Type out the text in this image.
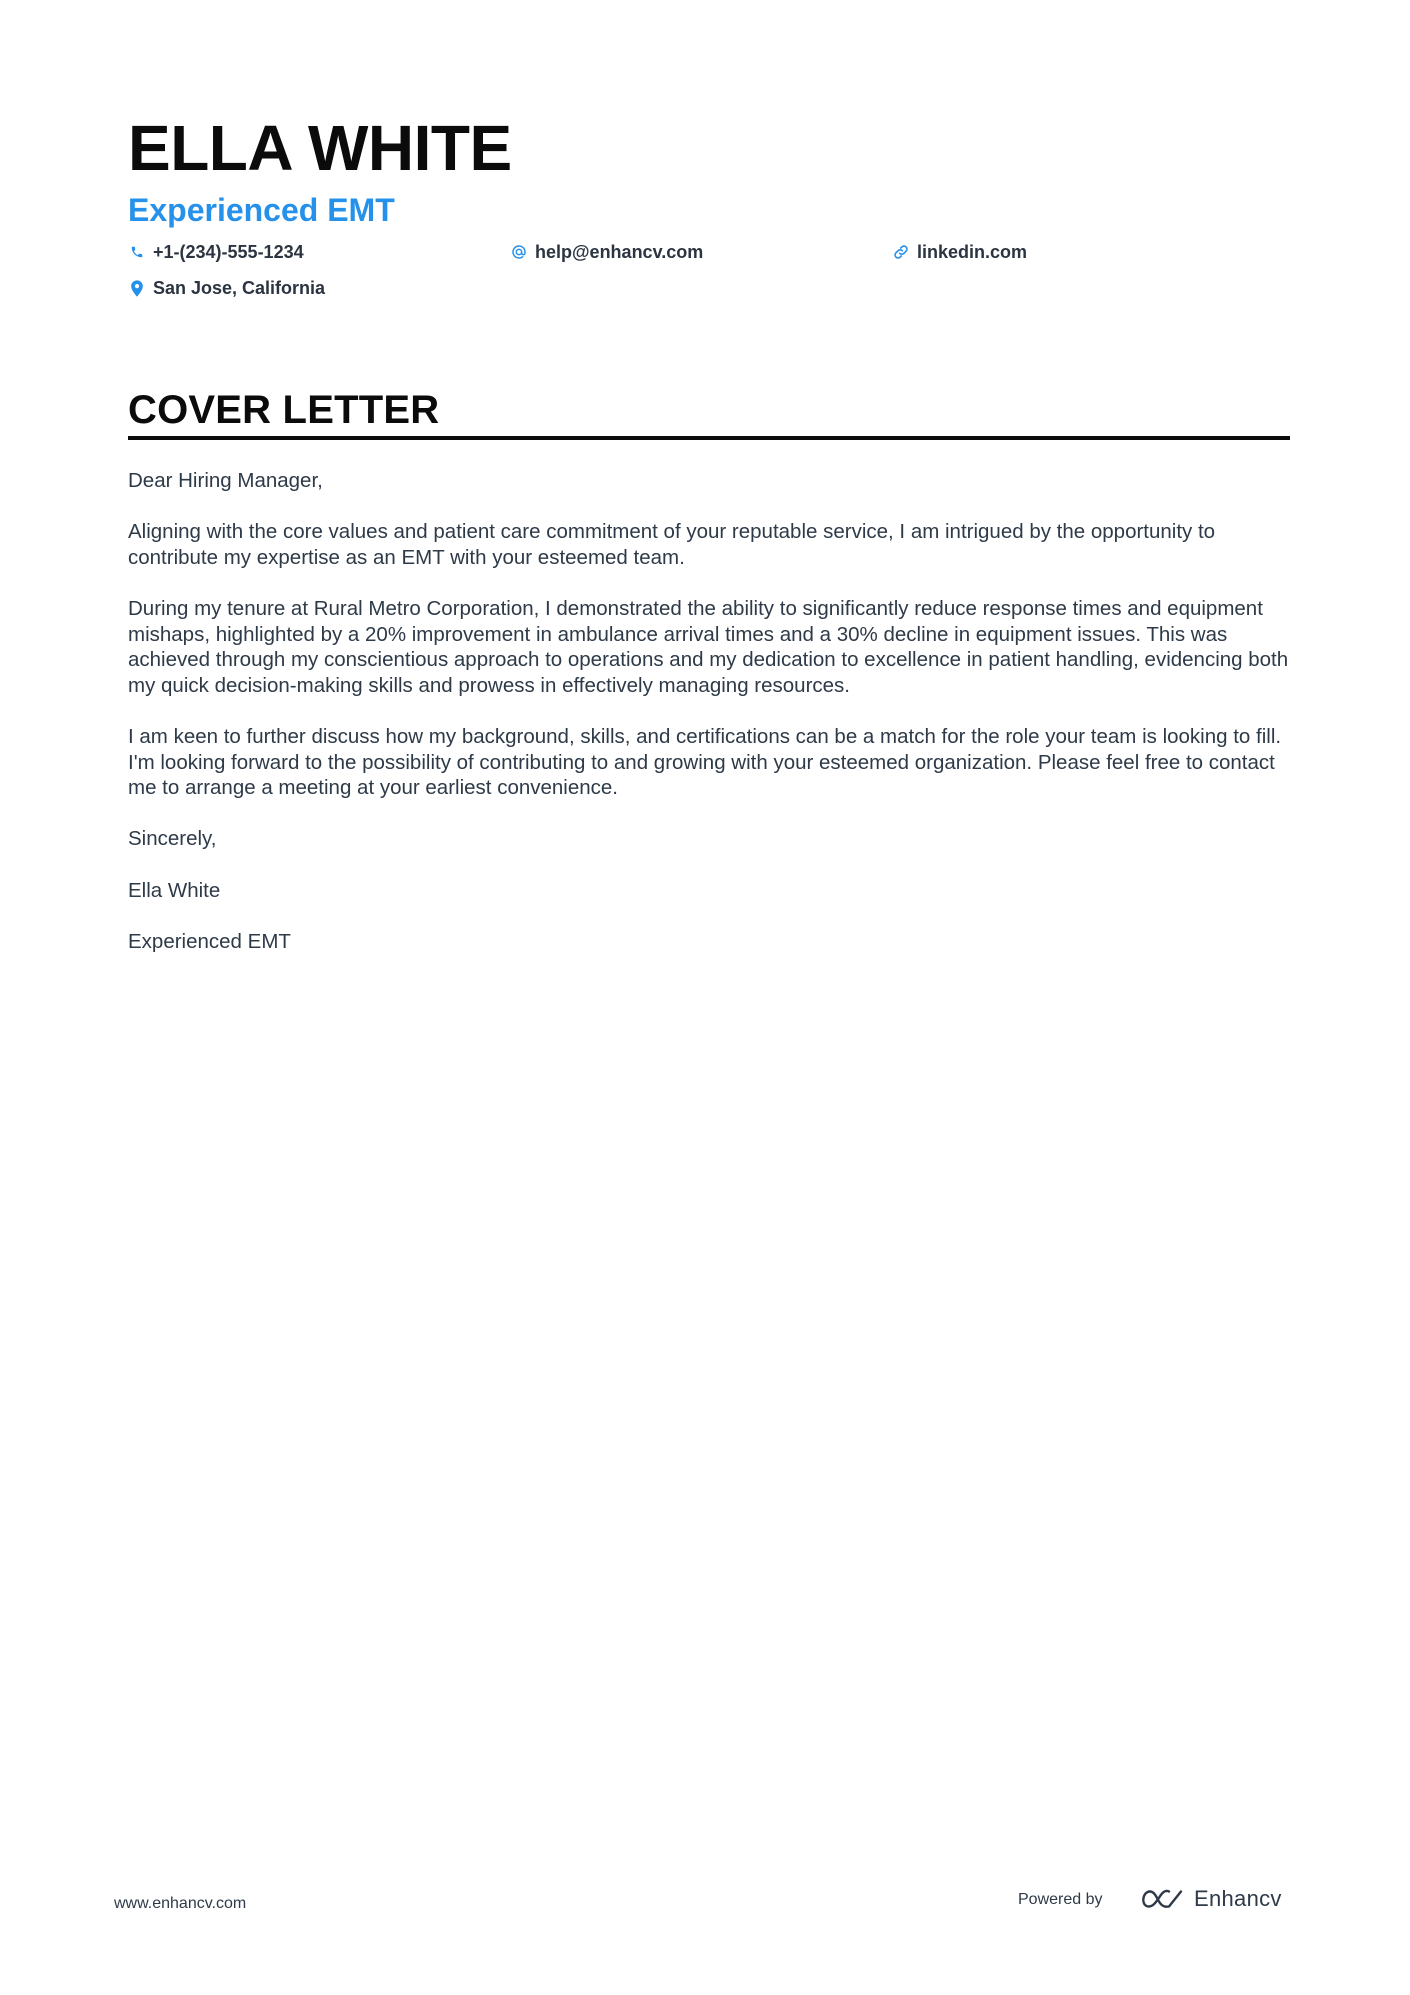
ELLA WHITE
Experienced EMT
+1-(234)-555-1234	help@enhancv.com	linkedin.com
San Jose, California
COVER LETTER

Dear Hiring Manager,

Aligning with the core values and patient care commitment of your reputable service, I am intrigued by the opportunity to contribute my expertise as an EMT with your esteemed team.

During my tenure at Rural Metro Corporation, I demonstrated the ability to significantly reduce response times and equipment mishaps, highlighted by a 20% improvement in ambulance arrival times and a 30% decline in equipment issues. This was achieved through my conscientious approach to operations and my dedication to excellence in patient handling, evidencing both my quick decision-making skills and prowess in effectively managing resources.

I am keen to further discuss how my background, skills, and certifications can be a match for the role your team is looking to fill. I'm looking forward to the possibility of contributing to and growing with your esteemed organization. Please feel free to contact me to arrange a meeting at your earliest convenience.

Sincerely,

Ella White

Experienced EMT

www.enhancv.com	Powered by	Enhancv
